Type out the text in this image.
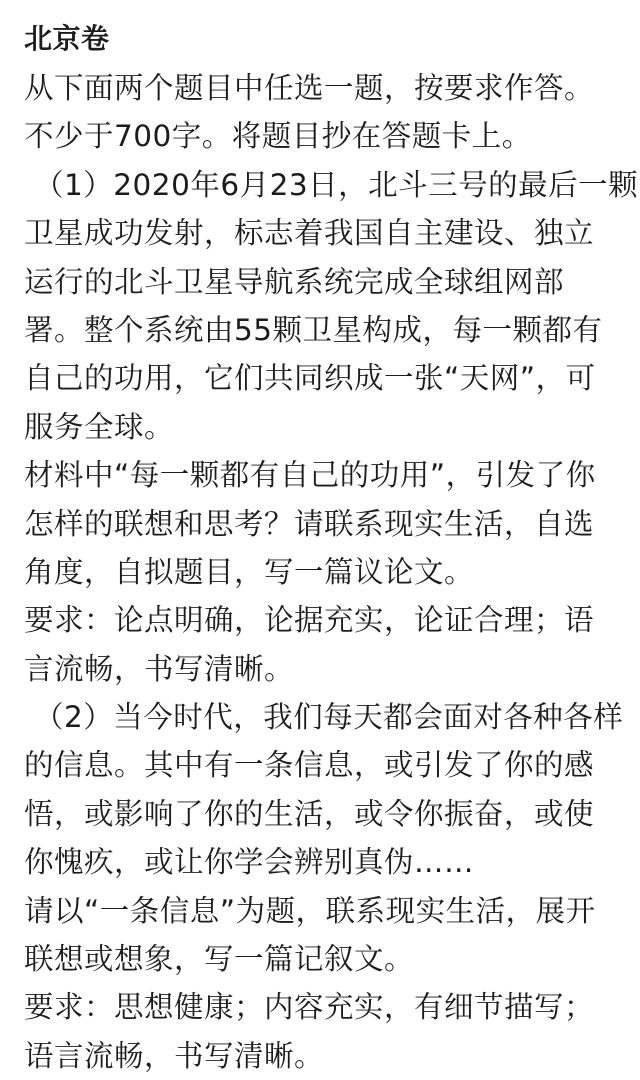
北京卷
从下面两个题目中任选一题，按要求作答。
不少于700字。将题目抄在答题卡上。
（1）2020年6月23日，北斗三号的最后一颗
卫星成功发射，标志着我国自主建设、独立
运行的北斗卫星导航系统完成全球组网部
署。整个系统由55颗卫星构成，每一颗都有
自己的功用，它们共同织成一张“天网”，可
服务全球。
材料中“每一颗都有自己的功用”，引发了你
怎样的联想和思考？请联系现实生活，自选
角度，自拟题目，写一篇议论文。
要求：论点明确，论据充实，论证合理；语
言流畅，书写清晰。
（2）当今时代，我们每天都会面对各种各样
的信息。其中有一条信息，或引发了你的感
悟，或影响了你的生活，或令你振奋，或使
你愧疚，或让你学会辨别真伪……
请以“一条信息”为题，联系现实生活，展开
联想或想象，写一篇记叙文。
要求：思想健康；内容充实，有细节描写；
语言流畅，书写清晰。
